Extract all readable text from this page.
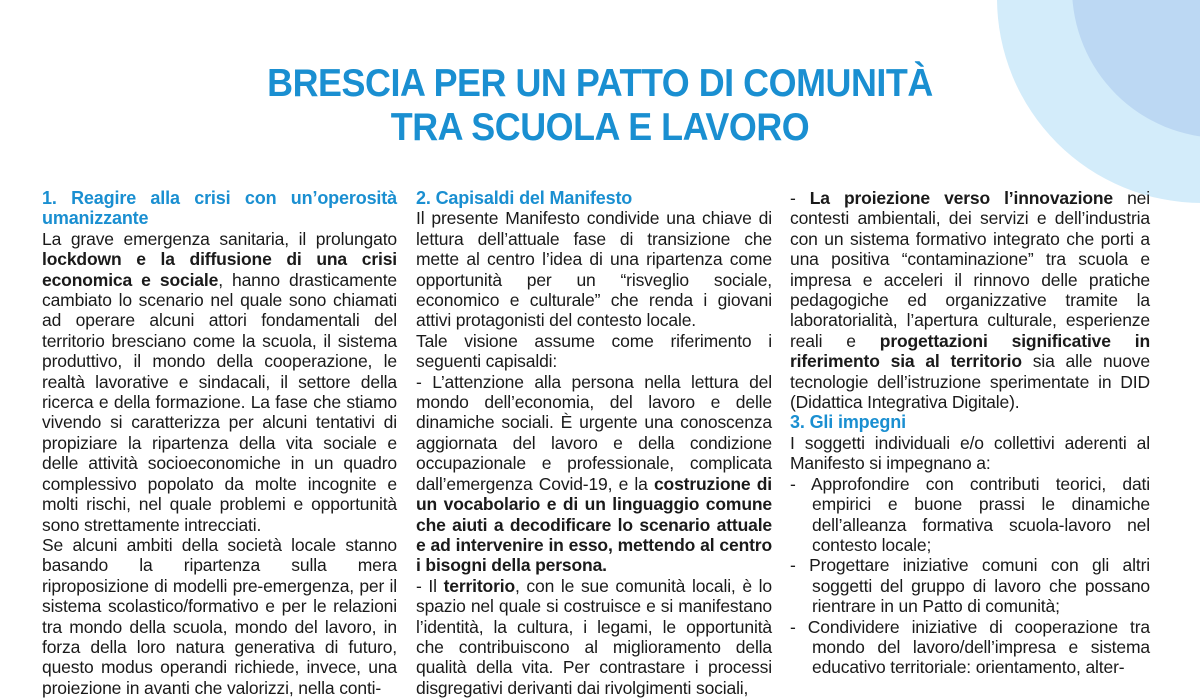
BRESCIA PER UN PATTO DI COMUNITÀ
TRA SCUOLA E LAVORO

1. Reagire alla crisi con un’operosità umanizzante

La grave emergenza sanitaria, il prolungato lockdown e la diffusione di una crisi economica e sociale, hanno drasticamente cambiato lo scenario nel quale sono chiamati ad operare alcuni attori fondamentali del territorio bresciano come la scuola, il sistema produttivo, il mondo della cooperazione, le realtà lavorative e sindacali, il settore della ricerca e della formazione. La fase che stiamo vivendo si caratterizza per alcuni tentativi di propiziare la ripartenza della vita sociale e delle attività socioeconomiche in un quadro complessivo popolato da molte incognite e molti rischi, nel quale problemi e opportunità sono strettamente intrecciati.

Se alcuni ambiti della società locale stanno basando la ripartenza sulla mera riproposizione di modelli pre-emergenza, per il sistema scolastico/formativo e per le relazioni tra mondo della scuola, mondo del lavoro, in forza della loro natura generativa di futuro, questo modus operandi richiede, invece, una proiezione in avanti che valorizzi, nella conti-

2. Capisaldi del Manifesto

Il presente Manifesto condivide una chiave di lettura dell’attuale fase di transizione che mette al centro l’idea di una ripartenza come opportunità per un “risveglio sociale, economico e culturale” che renda i giovani attivi protagonisti del contesto locale.

Tale visione assume come riferimento i seguenti capisaldi:

- L’attenzione alla persona nella lettura del mondo dell’economia, del lavoro e delle dinamiche sociali. È urgente una conoscenza aggiornata del lavoro e della condizione occupazionale e professionale, complicata dall’emergenza Covid-19, e la costruzione di un vocabolario e di un linguaggio comune che aiuti a decodificare lo scenario attuale e ad intervenire in esso, mettendo al centro i bisogni della persona.

- Il territorio, con le sue comunità locali, è lo spazio nel quale si costruisce e si manifestano l’identità, la cultura, i legami, le opportunità che contribuiscono al miglioramento della qualità della vita. Per contrastare i processi disgregativi derivanti dai rivolgimenti sociali,

- La proiezione verso l’innovazione nei contesti ambientali, dei servizi e dell’industria con un sistema formativo integrato che porti a una positiva “contaminazione” tra scuola e impresa e acceleri il rinnovo delle pratiche pedagogiche ed organizzative tramite la laboratorialità, l’apertura culturale, esperienze reali e progettazioni significative in riferimento sia al territorio sia alle nuove tecnologie dell’istruzione sperimentate in DID (Didattica Integrativa Digitale).

3. Gli impegni

I soggetti individuali e/o collettivi aderenti al Manifesto si impegnano a:

- Approfondire con contributi teorici, dati empirici e buone prassi le dinamiche dell’alleanza formativa scuola-lavoro nel contesto locale;

- Progettare iniziative comuni con gli altri soggetti del gruppo di lavoro che possano rientrare in un Patto di comunità;

- Condividere iniziative di cooperazione tra mondo del lavoro/dell’impresa e sistema educativo territoriale: orientamento, alter-
